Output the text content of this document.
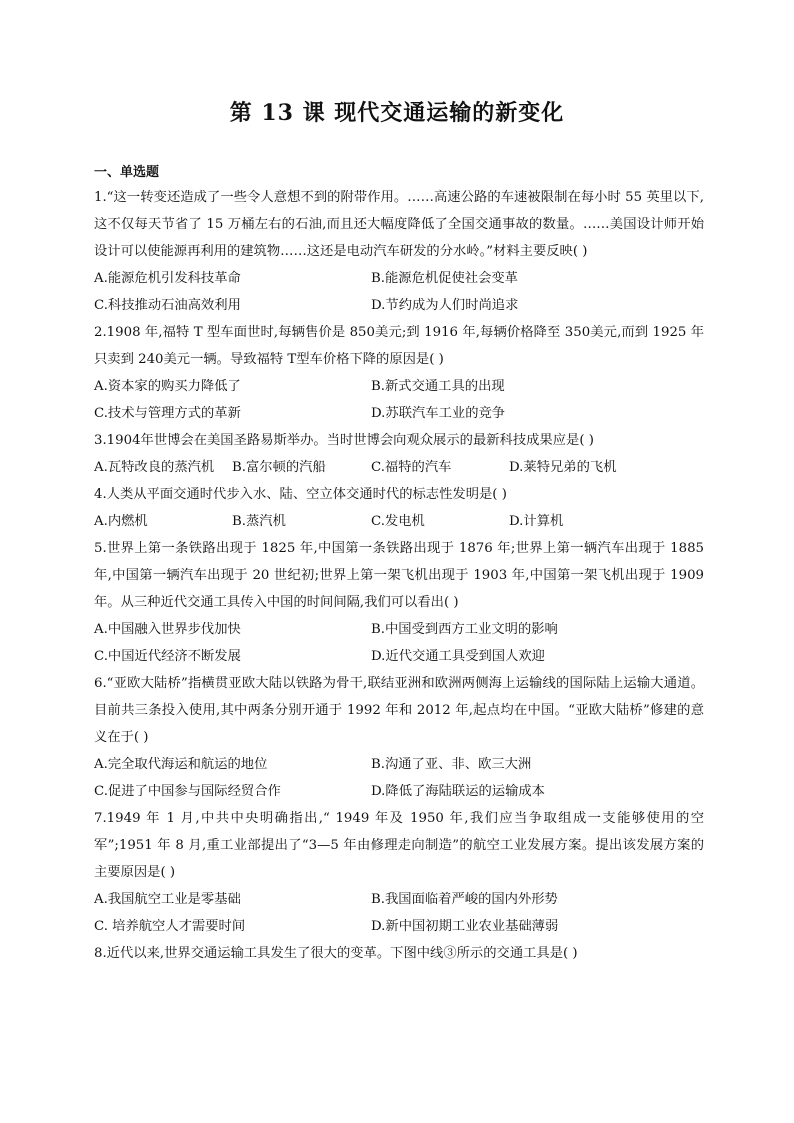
第 13 课 现代交通运输的新变化
一、单选题

1.“这一转变还造成了一些令人意想不到的附带作用。……高速公路的车速被限制在每小时 55 英里以下,这不仅每天节省了 15 万桶左右的石油,而且还大幅度降低了全国交通事故的数量。……美国设计师开始设计可以使能源再利用的建筑物……这还是电动汽车研发的分水岭。”材料主要反映( )

A.能源危机引发科技革命	B.能源危机促使社会变革
C.科技推动石油高效利用	D.节约成为人们时尚追求

2.1908 年,福特 T 型车面世时,每辆售价是 850美元;到 1916 年,每辆价格降至 350美元,而到 1925 年只卖到 240美元一辆。导致福特 T型车价格下降的原因是( )

A.资本家的购买力降低了	B.新式交通工具的出现
C.技术与管理方式的革新	D.苏联汽车工业的竞争

3.1904年世博会在美国圣路易斯举办。当时世博会向观众展示的最新科技成果应是( )

A.瓦特改良的蒸汽机	B.富尔顿的汽船	C.福特的汽车	D.莱特兄弟的飞机

4.人类从平面交通时代步入水、陆、空立体交通时代的标志性发明是( )

A.内燃机	B.蒸汽机	C.发电机	D.计算机

5.世界上第一条铁路出现于 1825 年,中国第一条铁路出现于 1876 年;世界上第一辆汽车出现于 1885 年,中国第一辆汽车出现于 20 世纪初;世界上第一架飞机出现于 1903 年,中国第一架飞机出现于 1909 年。从三种近代交通工具传入中国的时间间隔,我们可以看出( )

A.中国融入世界步伐加快	B.中国受到西方工业文明的影响
C.中国近代经济不断发展	D.近代交通工具受到国人欢迎

6.“亚欧大陆桥”指横贯亚欧大陆以铁路为骨干,联结亚洲和欧洲两侧海上运输线的国际陆上运输大通道。目前共三条投入使用,其中两条分别开通于 1992 年和 2012 年,起点均在中国。“亚欧大陆桥”修建的意义在于( )

A.完全取代海运和航运的地位	B.沟通了亚、非、欧三大洲
C.促进了中国参与国际经贸合作	D.降低了海陆联运的运输成本

7.1949 年 1 月,中共中央明确指出,“ 1949 年及 1950 年,我们应当争取组成一支能够使用的空军”;1951 年 8 月,重工业部提出了“3—5 年由修理走向制造”的航空工业发展方案。提出该发展方案的主要原因是( )

A.我国航空工业是零基础	B.我国面临着严峻的国内外形势
C. 培养航空人才需要时间	D.新中国初期工业农业基础薄弱

8.近代以来,世界交通运输工具发生了很大的变革。下图中线③所示的交通工具是( )
